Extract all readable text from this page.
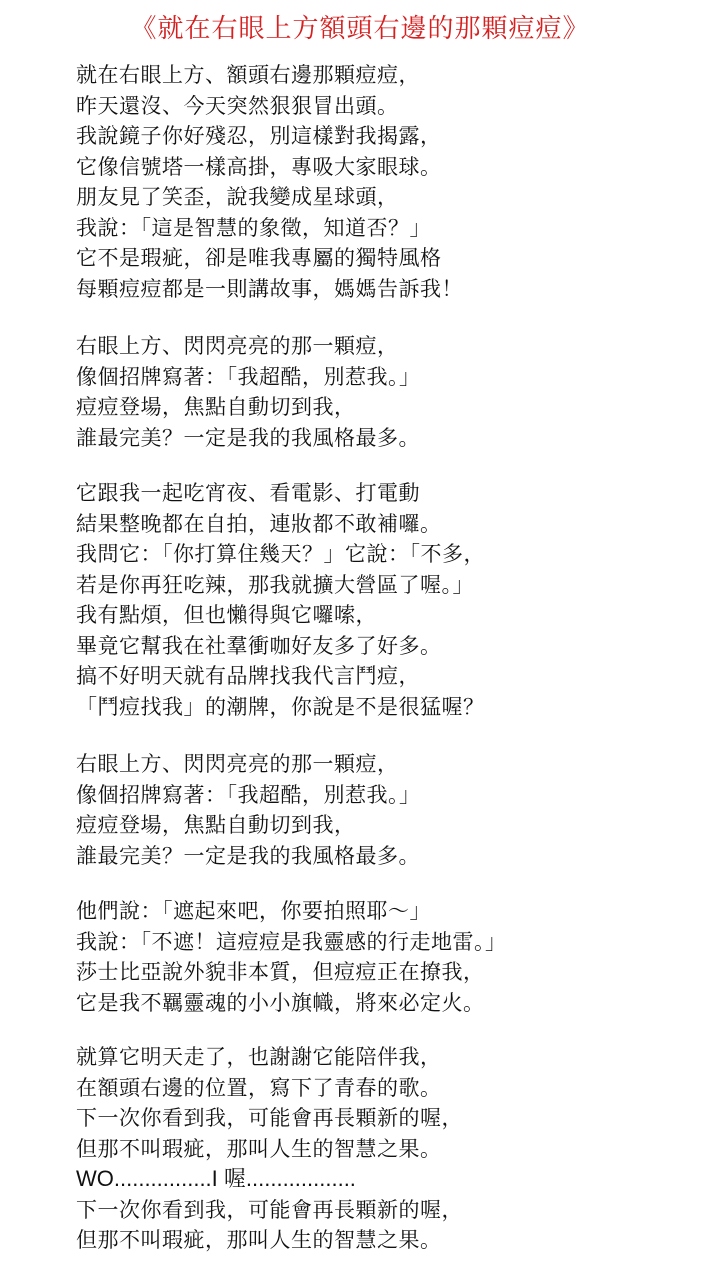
《就在右眼上方額頭右邊的那顆痘痘》
就在右眼上方、額頭右邊那顆痘痘，
昨天還沒、今天突然狠狠冒出頭。
我說鏡子你好殘忍，別這樣對我揭露，
它像信號塔一樣高掛，專吸大家眼球。
朋友見了笑歪，說我變成星球頭，
我說：「這是智慧的象徵，知道否？」
它不是瑕疵，卻是唯我專屬的獨特風格
每顆痘痘都是一則講故事，媽媽告訴我！
右眼上方、閃閃亮亮的那一顆痘，
像個招牌寫著：「我超酷，別惹我。」
痘痘登場，焦點自動切到我，
誰最完美？一定是我的我風格最多。
它跟我一起吃宵夜、看電影、打電動
結果整晚都在自拍，連妝都不敢補囉。
我問它：「你打算住幾天？」它說：「不多，
若是你再狂吃辣，那我就擴大營區了喔。」
我有點煩，但也懶得與它囉嗦，
畢竟它幫我在社羣衝咖好友多了好多。
搞不好明天就有品牌找我代言鬥痘，
「鬥痘找我」的潮牌，你說是不是很猛喔？
右眼上方、閃閃亮亮的那一顆痘，
像個招牌寫著：「我超酷，別惹我。」
痘痘登場，焦點自動切到我，
誰最完美？一定是我的我風格最多。
他們說：「遮起來吧，你要拍照耶～」
我說：「不遮！這痘痘是我靈感的行走地雷。」
莎士比亞說外貌非本質，但痘痘正在撩我，
它是我不羈靈魂的小小旗幟，將來必定火。
就算它明天走了，也謝謝它能陪伴我，
在額頭右邊的位置，寫下了青春的歌。
下一次你看到我，可能會再長顆新的喔，
但那不叫瑕疵，那叫人生的智慧之果。
WO................I 喔..................
下一次你看到我，可能會再長顆新的喔，
但那不叫瑕疵，那叫人生的智慧之果。
